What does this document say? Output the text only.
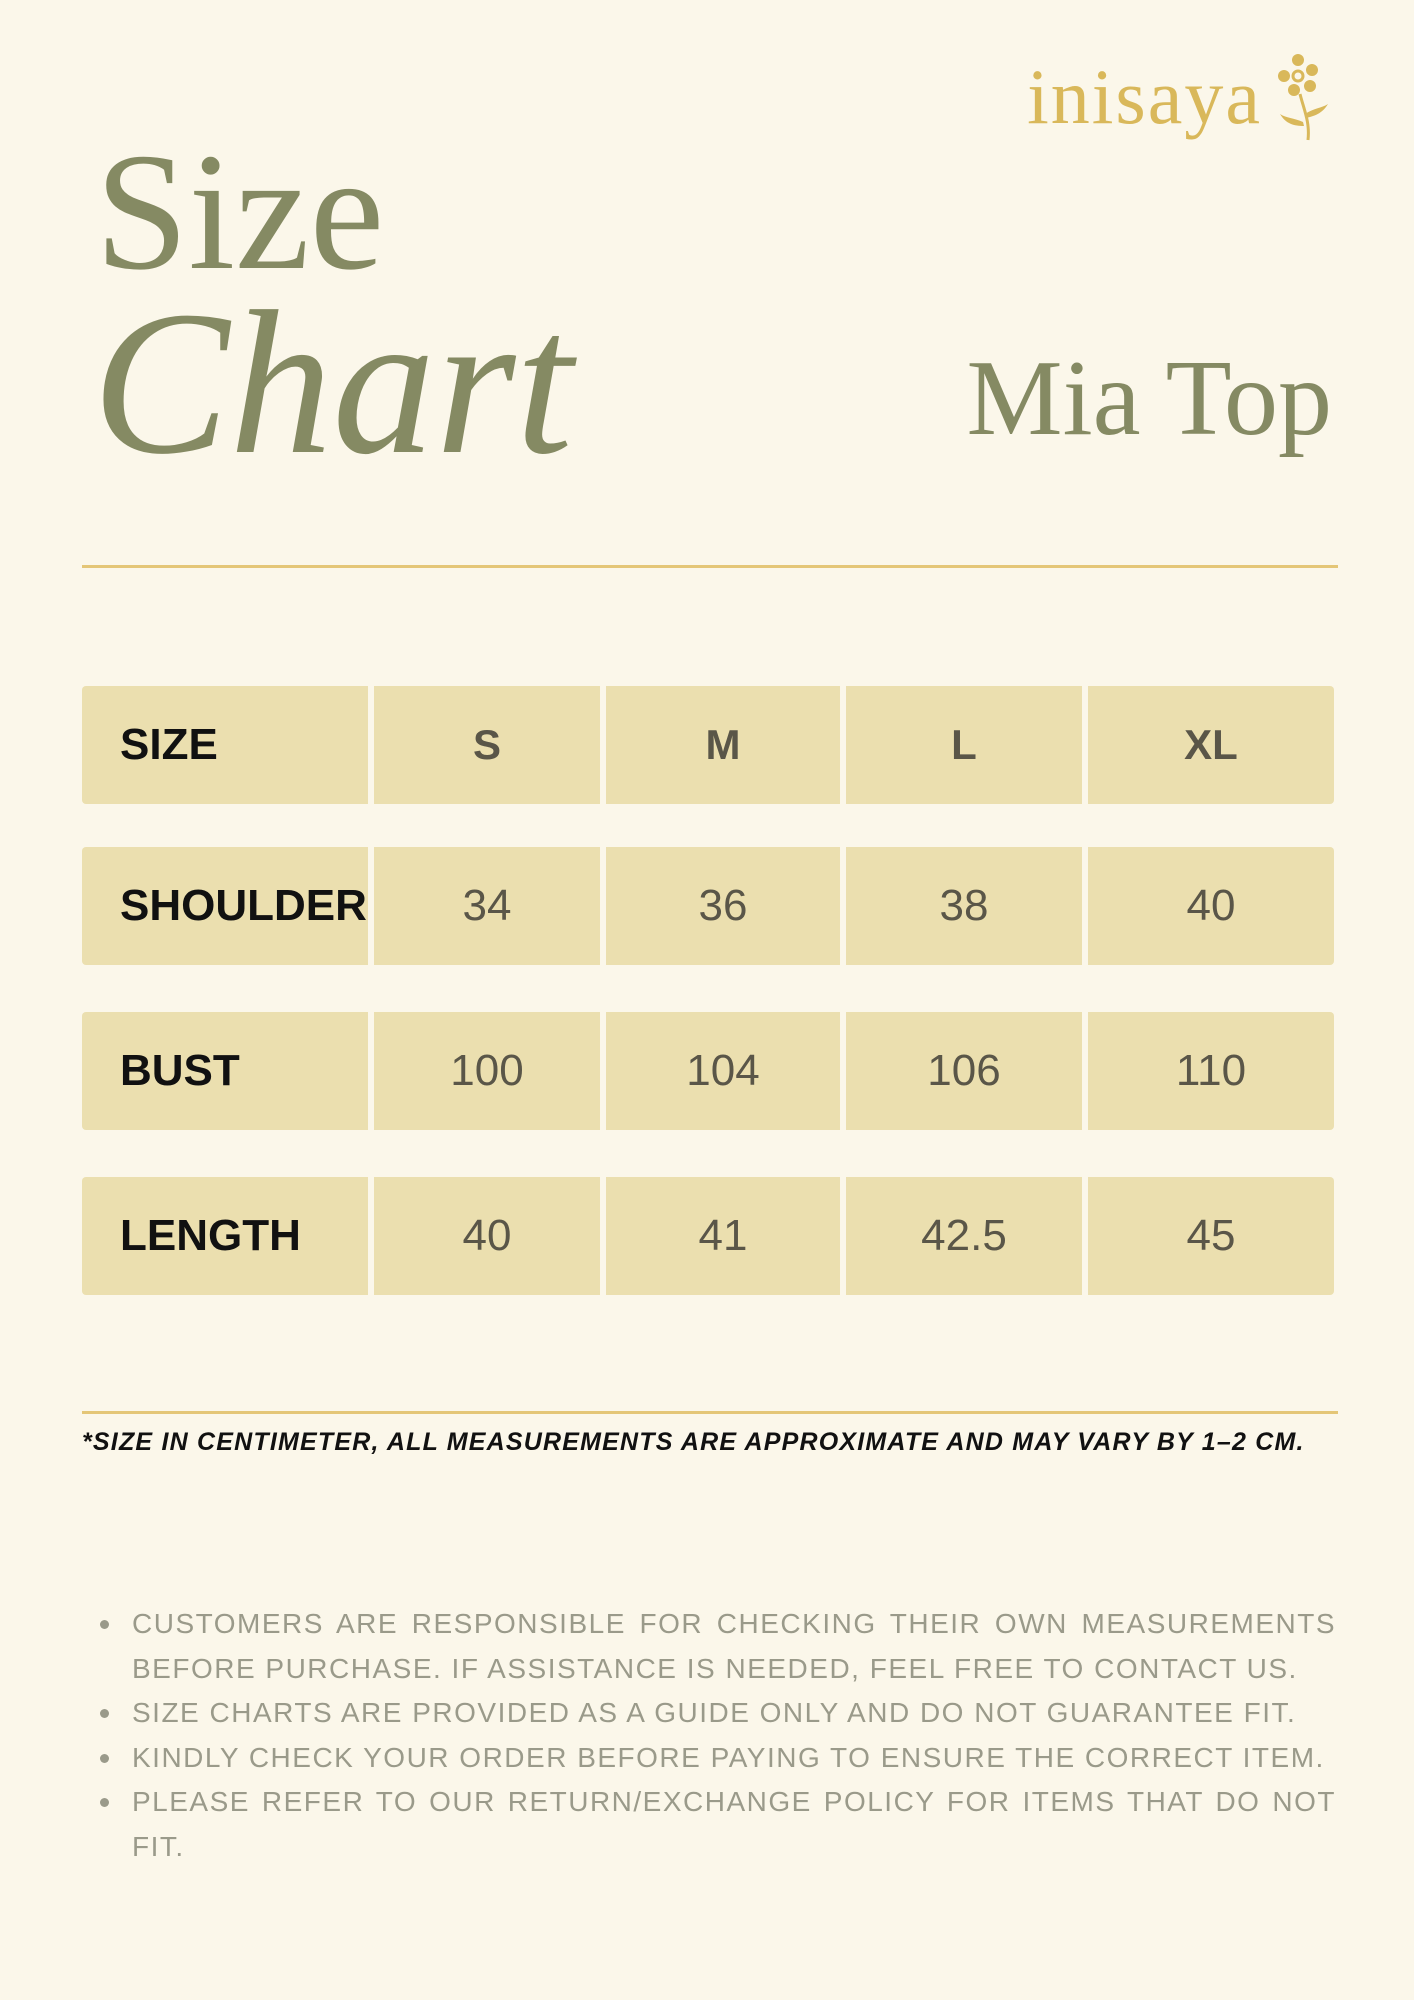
inisaya
Size
Chart	Mia Top
SIZE	S	M	L	XL
SHOULDER	34	36	38	40
BUST	100	104	106	110
LENGTH	40	41	42.5	45
*SIZE IN CENTIMETER, ALL MEASUREMENTS ARE APPROXIMATE AND MAY VARY BY 1–2 CM.
CUSTOMERS ARE RESPONSIBLE FOR CHECKING THEIR OWN MEASUREMENTS BEFORE PURCHASE. IF ASSISTANCE IS NEEDED, FEEL FREE TO CONTACT US.
SIZE CHARTS ARE PROVIDED AS A GUIDE ONLY AND DO NOT GUARANTEE FIT.
KINDLY CHECK YOUR ORDER BEFORE PAYING TO ENSURE THE CORRECT ITEM.
PLEASE REFER TO OUR RETURN/EXCHANGE POLICY FOR ITEMS THAT DO NOT FIT.
